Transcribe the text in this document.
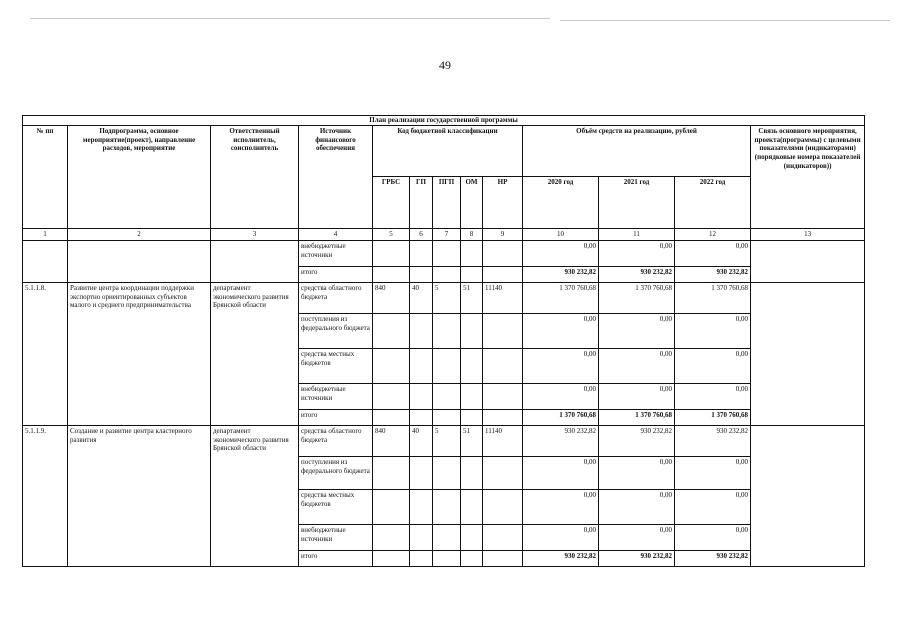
49
План реализации государственной программы												
№ пп	Подпрограмма, основное мероприятие(проект), направление расходов, мероприятие	Ответственный исполнитель, соисполнитель	Источник финансового обеспечения	Код бюджетной классификации					Объём средств на реализацию, рублей			Связь основного мероприятия, проекта(программы) с целевыми показателями (индикаторами) (порядковые номера показателей (индикаторов))
				ГРБС	ГП	ПГП	ОМ	НР	2020 год	2021 год	2022 год	
1	2	3	4	5	6	7	8	9	10	11	12	13
			внебюджетные источники						0,00	0,00	0,00	
			итого						930 232,82	930 232,82	930 232,82	
5.1.1.8.	Развитие центра координации поддержки экспортно ориентированных субъектов малого и среднего предпринимательства	департамент экономического развития Брянской области	средства областного бюджета	840	40	5	51	11140	1 370 760,68	1 370 760,68	1 370 760,68	
			поступления из федерального бюджета						0,00	0,00	0,00	
			средства местных бюджетов						0,00	0,00	0,00	
			внебюджетные источники						0,00	0,00	0,00	
			итого						1 370 760,68	1 370 760,68	1 370 760,68	
5.1.1.9.	Создание и развитие центра кластерного развития	департамент экономического развития Брянской области	средства областного бюджета	840	40	5	51	11140	930 232,82	930 232,82	930 232,82	
			поступления из федерального бюджета						0,00	0,00	0,00	
			средства местных бюджетов						0,00	0,00	0,00	
			внебюджетные источники						0,00	0,00	0,00	
			итого						930 232,82	930 232,82	930 232,82	
